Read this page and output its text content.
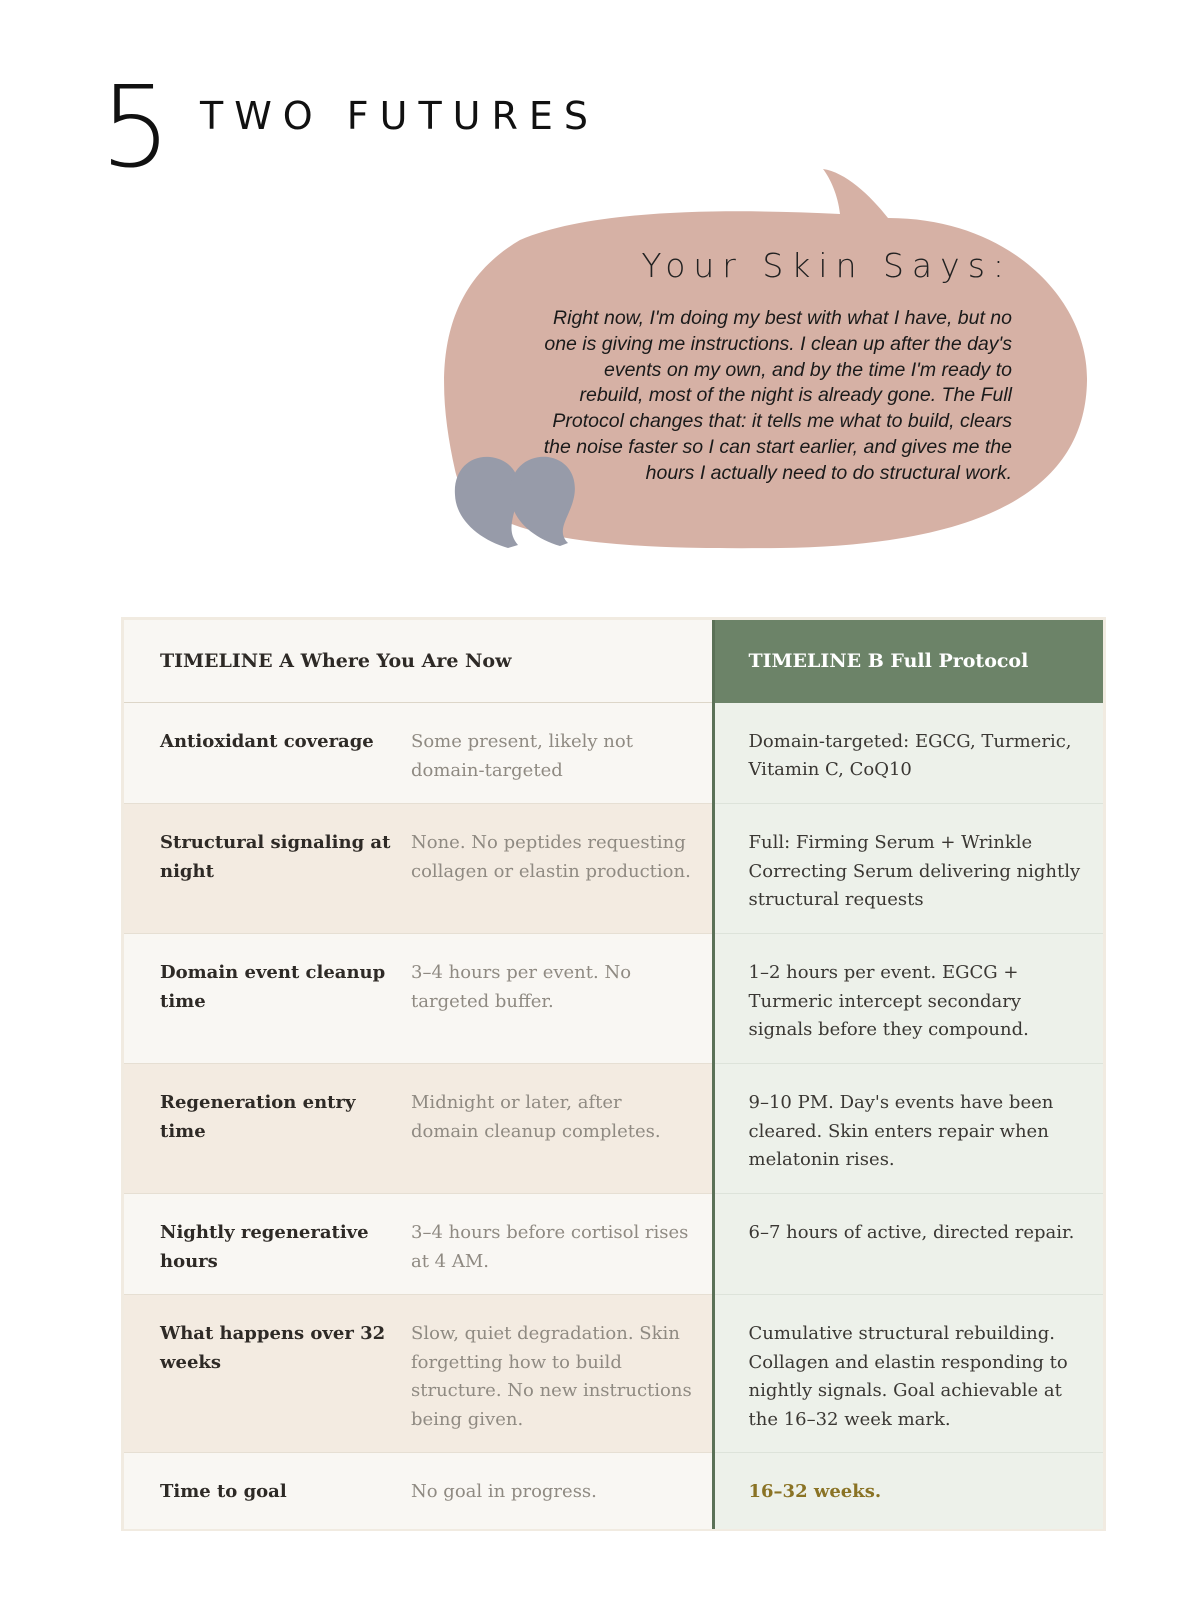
5 TWO FUTURES
Your Skin Says:
Right now, I'm doing my best with what I have, but no one is giving me instructions. I clean up after the day's events on my own, and by the time I'm ready to rebuild, most of the night is already gone. The Full Protocol changes that: it tells me what to build, clears the noise faster so I can start earlier, and gives me the hours I actually need to do structural work.
TIMELINE A Where You Are Now		TIMELINE B Full Protocol
Antioxidant coverage	Some present, likely not domain-targeted	Domain-targeted: EGCG, Turmeric, Vitamin C, CoQ10
Structural signaling at night	None. No peptides requesting collagen or elastin production.	Full: Firming Serum + Wrinkle Correcting Serum delivering nightly structural requests
Domain event cleanup time	3–4 hours per event. No targeted buffer.	1–2 hours per event. EGCG + Turmeric intercept secondary signals before they compound.
Regeneration entry time	Midnight or later, after domain cleanup completes.	9–10 PM. Day's events have been cleared. Skin enters repair when melatonin rises.
Nightly regenerative hours	3–4 hours before cortisol rises at 4 AM.	6–7 hours of active, directed repair.
What happens over 32 weeks	Slow, quiet degradation. Skin forgetting how to build structure. No new instructions being given.	Cumulative structural rebuilding. Collagen and elastin responding to nightly signals. Goal achievable at the 16–32 week mark.
Time to goal	No goal in progress.	16–32 weeks.
